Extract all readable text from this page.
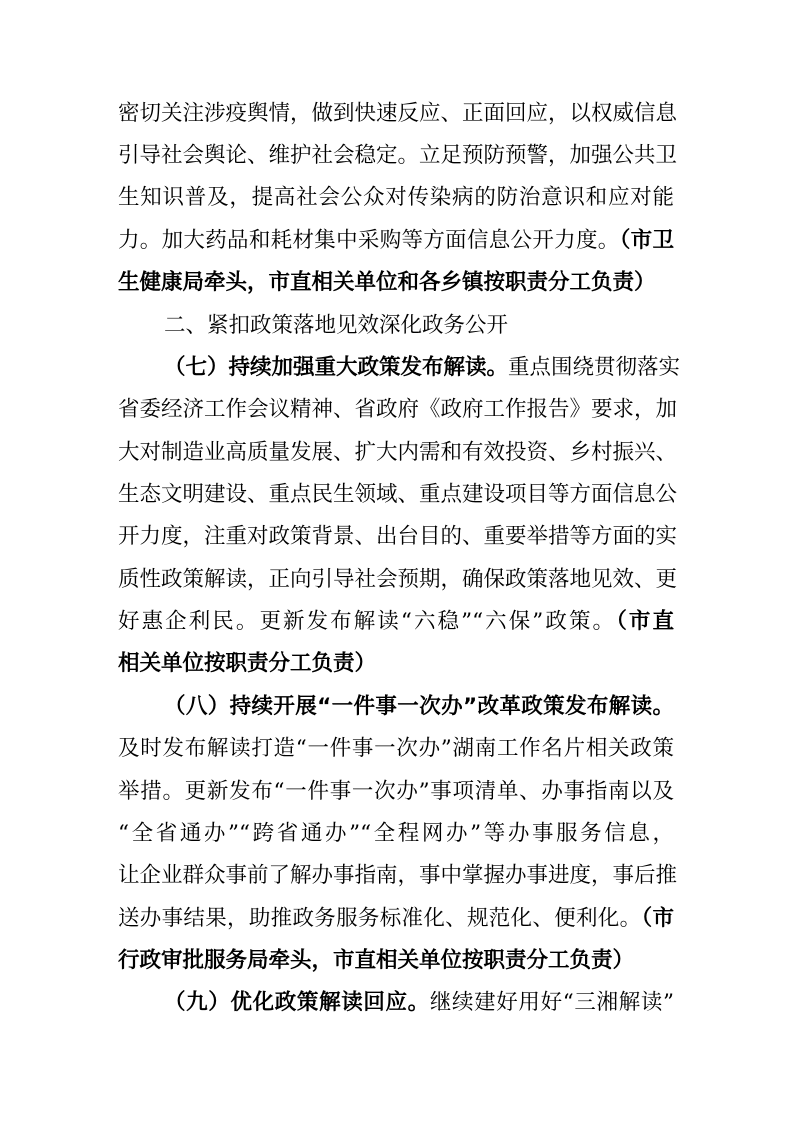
密切关注涉疫舆情，做到快速反应、正面回应，以权威信息
引导社会舆论、维护社会稳定。立足预防预警，加强公共卫
生知识普及，提高社会公众对传染病的防治意识和应对能
力。加大药品和耗材集中采购等方面信息公开力度。（市卫
生健康局牵头，市直相关单位和各乡镇按职责分工负责）
二、紧扣政策落地见效深化政务公开
（七）持续加强重大政策发布解读。重点围绕贯彻落实
省委经济工作会议精神、省政府《政府工作报告》要求，加
大对制造业高质量发展、扩大内需和有效投资、乡村振兴、
生态文明建设、重点民生领域、重点建设项目等方面信息公
开力度，注重对政策背景、出台目的、重要举措等方面的实
质性政策解读，正向引导社会预期，确保政策落地见效、更
好惠企利民。更新发布解读“六稳”“六保”政策。（市直
相关单位按职责分工负责）
（八）持续开展“一件事一次办”改革政策发布解读。
及时发布解读打造“一件事一次办”湖南工作名片相关政策
举措。更新发布“一件事一次办”事项清单、办事指南以及
“全省通办”“跨省通办”“全程网办”等办事服务信息，
让企业群众事前了解办事指南，事中掌握办事进度，事后推
送办事结果，助推政务服务标准化、规范化、便利化。（市
行政审批服务局牵头，市直相关单位按职责分工负责）
（九）优化政策解读回应。继续建好用好“三湘解读”
